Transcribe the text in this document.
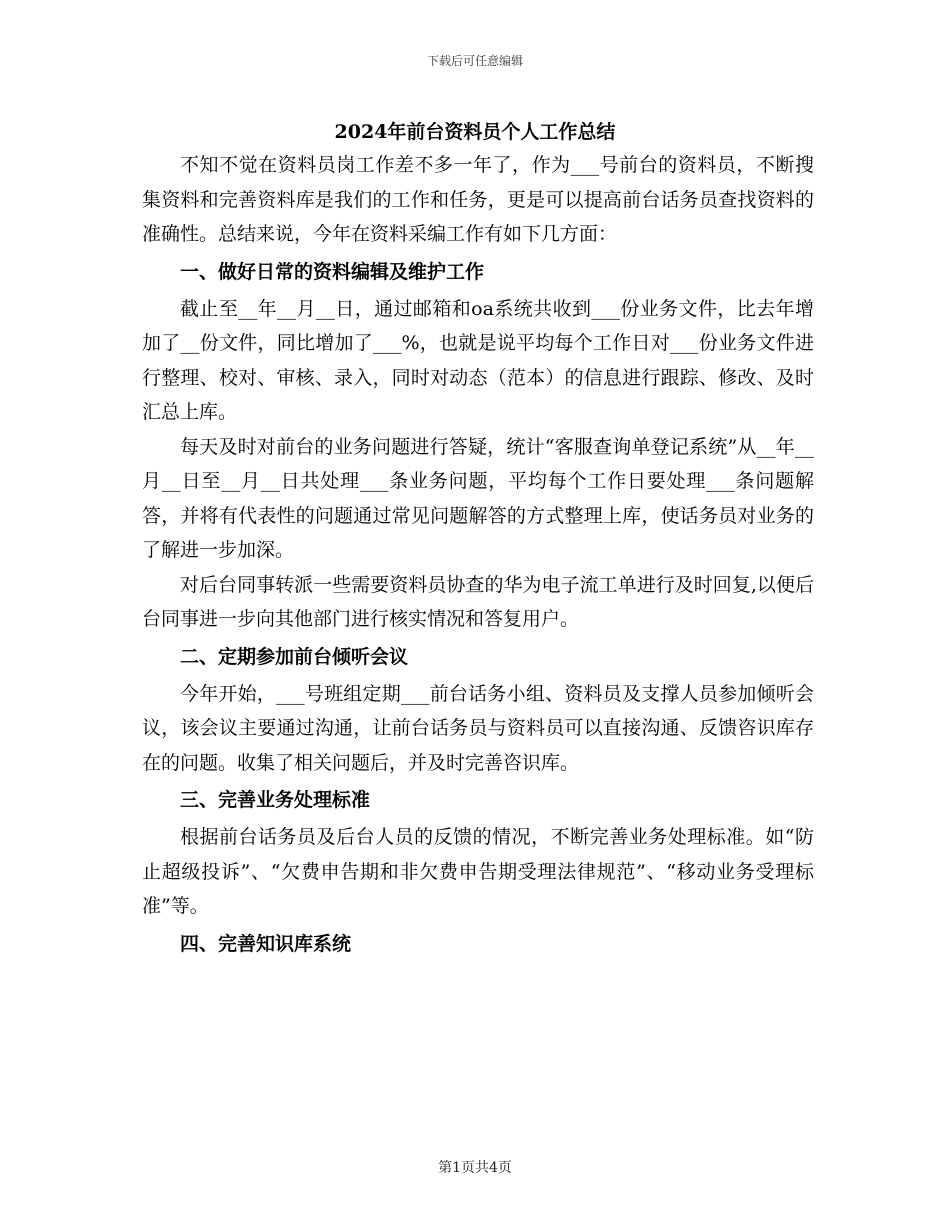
下载后可任意编辑
2024年前台资料员个人工作总结

不知不觉在资料员岗工作差不多一年了，作为___号前台的资料员，不断搜集资料和完善资料库是我们的工作和任务，更是可以提高前台话务员查找资料的准确性。总结来说，今年在资料采编工作有如下几方面：

一、做好日常的资料编辑及维护工作

截止至__年__月__日，通过邮箱和oa系统共收到___份业务文件，比去年增加了__份文件，同比增加了___%，也就是说平均每个工作日对___份业务文件进行整理、校对、审核、录入，同时对动态（范本）的信息进行跟踪、修改、及时汇总上库。

每天及时对前台的业务问题进行答疑，统计“客服查询单登记系统”从__年__月__日至__月__日共处理___条业务问题，平均每个工作日要处理___条问题解答，并将有代表性的问题通过常见问题解答的方式整理上库，使话务员对业务的了解进一步加深。

对后台同事转派一些需要资料员协查的华为电子流工单进行及时回复,以便后台同事进一步向其他部门进行核实情况和答复用户。

二、定期参加前台倾听会议

今年开始，___号班组定期___前台话务小组、资料员及支撑人员参加倾听会议，该会议主要通过沟通，让前台话务员与资料员可以直接沟通、反馈咨识库存在的问题。收集了相关问题后，并及时完善咨识库。

三、完善业务处理标准

根据前台话务员及后台人员的反馈的情况，不断完善业务处理标准。如“防止超级投诉”、“欠费申告期和非欠费申告期受理法律规范”、“移动业务受理标准”等。

四、完善知识库系统
第1页共4页
